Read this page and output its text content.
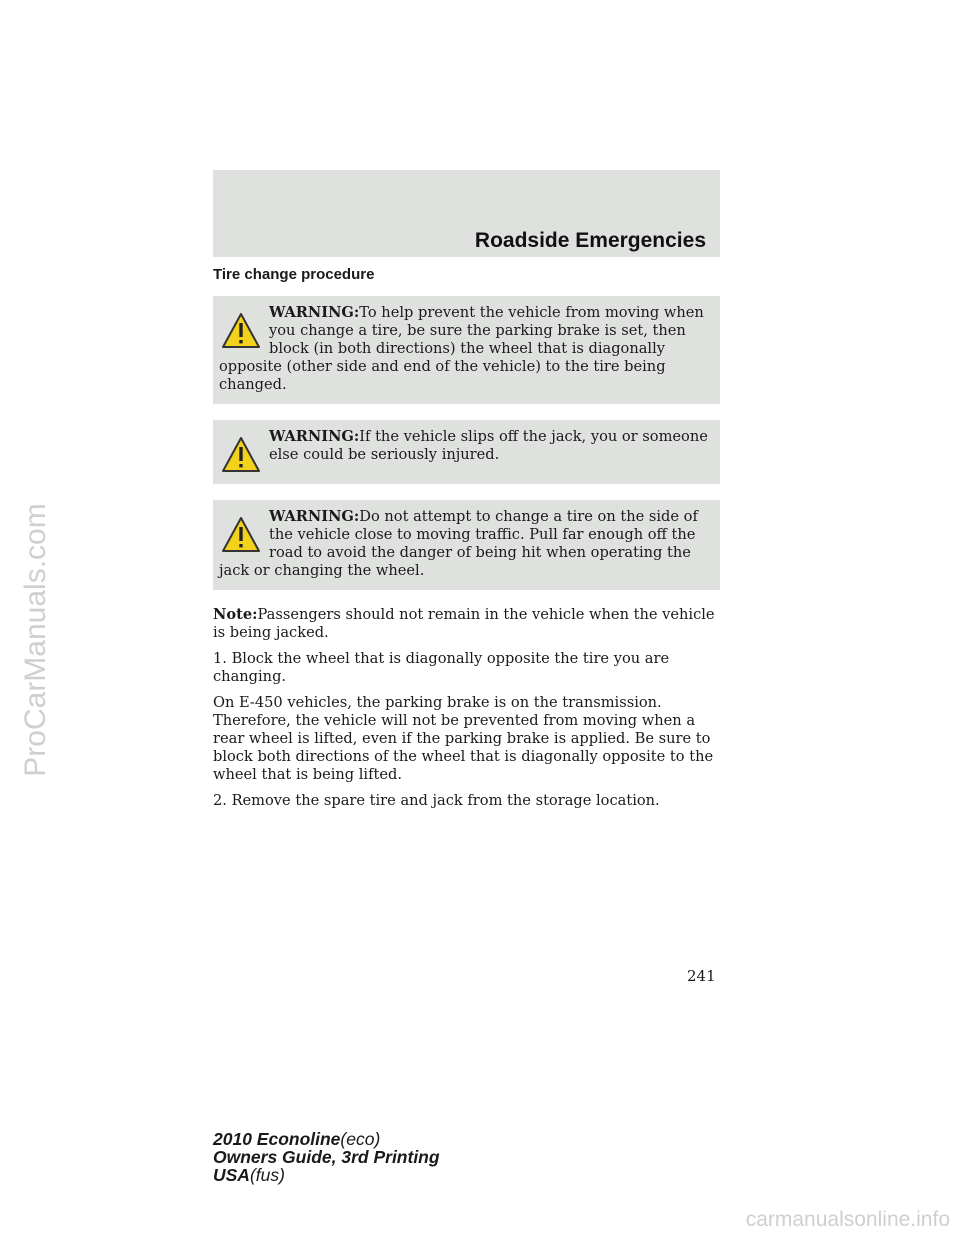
ProCarManuals.com
Roadside Emergencies
Tire change procedure

WARNING:To help prevent the vehicle from moving when you change a tire, be sure the parking brake is set, then block (in both directions) the wheel that is diagonally opposite (other side and end of the vehicle) to the tire being changed.

WARNING:If the vehicle slips off the jack, you or someone else could be seriously injured.

WARNING:Do not attempt to change a tire on the side of the vehicle close to moving traffic. Pull far enough off the road to avoid the danger of being hit when operating the jack or changing the wheel.

Note:Passengers should not remain in the vehicle when the vehicle is being jacked.

1. Block the wheel that is diagonally opposite the tire you are changing.

On E-450 vehicles, the parking brake is on the transmission. Therefore, the vehicle will not be prevented from moving when a rear wheel is lifted, even if the parking brake is applied. Be sure to block both directions of the wheel that is diagonally opposite to the wheel that is being lifted.

2. Remove the spare tire and jack from the storage location.

241
2010 Econoline(eco)
Owners Guide, 3rd Printing
USA(fus)
carmanualsonline.info
